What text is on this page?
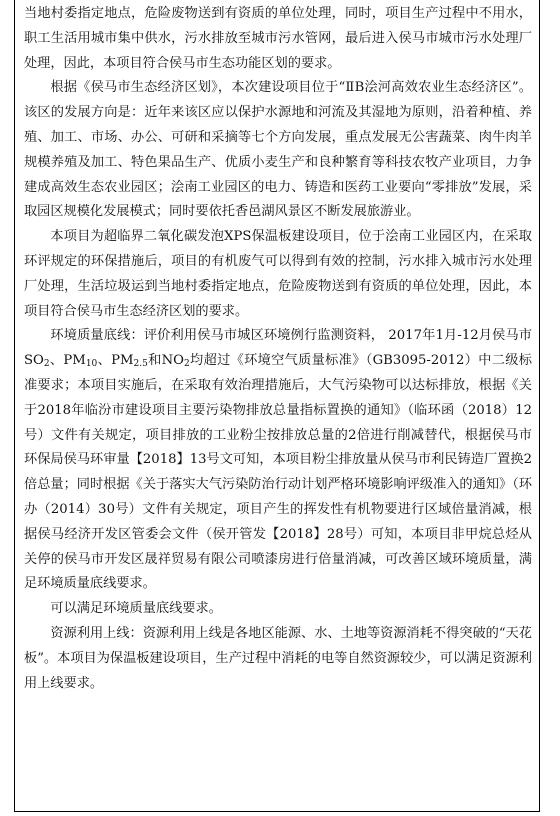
当地村委指定地点，危险废物送到有资质的单位处理，同时，项目生产过程中不用水，职工生活用城市集中供水，污水排放至城市污水管网，最后进入侯马市城市污水处理厂处理，因此，本项目符合侯马市生态功能区划的要求。

根据《侯马市生态经济区划》，本次建设项目位于“ⅡB浍河高效农业生态经济区”。该区的发展方向是：近年来该区应以保护水源地和河流及其湿地为原则，沿着种植、养殖、加工、市场、办公、可研和采摘等七个方向发展，重点发展无公害蔬菜、肉牛肉羊规模养殖及加工、特色果品生产、优质小麦生产和良种繁育等科技农牧产业项目，力争建成高效生态农业园区；浍南工业园区的电力、铸造和医药工业要向“零排放”发展，采取园区规模化发展模式；同时要依托香邑湖风景区不断发展旅游业。

本项目为超临界二氧化碳发泡XPS保温板建设项目，位于浍南工业园区内，在采取环评规定的环保措施后，项目的有机废气可以得到有效的控制，污水排入城市污水处理厂处理，生活垃圾运到当地村委指定地点，危险废物送到有资质的单位处理，因此，本项目符合侯马市生态经济区划的要求。

环境质量底线：评价利用侯马市城区环境例行监测资料， 2017年1月-12月侯马市$SO_2$、$PM_{10}$、$PM_{2.5}$和$NO_2$均超过《环境空气质量标准》（GB3095-2012）中二级标准要求；本项目实施后，在采取有效治理措施后，大气污染物可以达标排放，根据《关于2018年临汾市建设项目主要污染物排放总量指标置换的通知》（临环函（2018）12号）文件有关规定，项目排放的工业粉尘按排放总量的2倍进行削减替代，根据侯马市环保局侯马环审量【2018】13号文可知，本项目粉尘排放量从侯马市利民铸造厂置换2倍总量；同时根据《关于落实大气污染防治行动计划严格环境影响评级准入的通知》（环办（2014）30号）文件有关规定，项目产生的挥发性有机物要进行区域倍量消减，根据侯马经济开发区管委会文件（侯开管发【2018】28号）可知，本项目非甲烷总烃从关停的侯马市开发区晟祥贸易有限公司喷漆房进行倍量消减，可改善区域环境质量，满足环境质量底线要求。

可以满足环境质量底线要求。

资源利用上线：资源利用上线是各地区能源、水、土地等资源消耗不得突破的“天花板”。本项目为保温板建设项目，生产过程中消耗的电等自然资源较少，可以满足资源利用上线要求。
